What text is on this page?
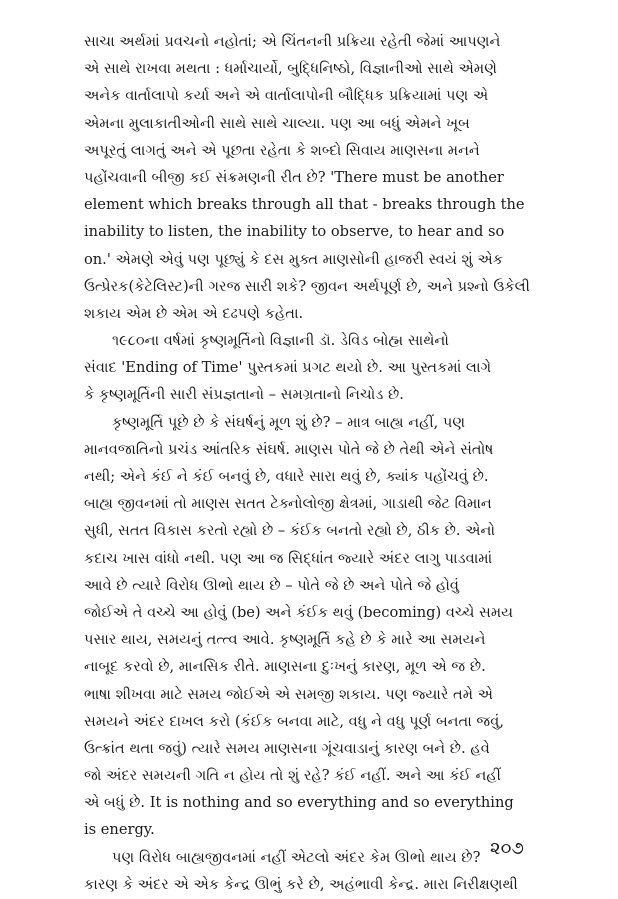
સાચા અર્થમાં પ્રવચનો નહોતાં; એ ચિંતનની પ્રક્રિયા રહેતી જેમાં આપણને
એ સાથે રાખવા મથતા : ધર્માચાર્યો, બુદ્ધિનિષ્ઠો, વિજ્ઞાનીઓ સાથે એમણે
અનેક વાર્તાલાપો કર્યા અને એ વાર્તાલાપોની બૌદ્ધિક પ્રક્રિયામાં પણ એ
એમના મુલાકાતીઓની સાથે સાથે ચાલ્યા. પણ આ બધું એમને ખૂબ
અપૂરતું લાગતું અને એ પૂછતા રહેતા કે શબ્દો સિવાય માણસના મનને
પહોંચવાની બીજી કઈ સંક્રમણની રીત છે? 'There must be another
element which breaks through all that - breaks through the
inability to listen, the inability to observe, to hear and so
on.' એમણે એવું પણ પૂછ્યું કે દસ મુક્ત માણસોની હાજરી સ્વયં શું એક
ઉત્પ્રેરક(કેટેલિસ્ટ)ની ગરજ સારી શકે? જીવન અર્થપૂર્ણ છે, અને પ્રશ્નો ઉકેલી
શકાય એમ છે એમ એ દઢપણે કહેતા.
૧૯૮૦ના વર્ષમાં કૃષ્ણમૂર્તિનો વિજ્ઞાની ડૉ. ડેવિડ બોહ્મ સાથેનો
સંવાદ 'Ending of Time' પુસ્તકમાં પ્રગટ થયો છે. આ પુસ્તકમાં લાગે
કે કૃષ્ણમૂર્તિની સારી સંપ્રજ્ઞતાનો – સમગ્રતાનો નિચોડ છે.
કૃષ્ણમૂર્તિ પૂછે છે કે સંઘર્ષનું મૂળ શું છે? – માત્ર બાહ્ય નહીં, પણ
માનવજાતિનો પ્રચંડ આંતરિક સંઘર્ષ. માણસ પોતે જે છે તેથી એને સંતોષ
નથી; એને કંઈ ને કંઈ બનવું છે, વધારે સારા થવું છે, ક્યાંક પહોંચવું છે.
બાહ્ય જીવનમાં તો માણસ સતત ટેક્નોલોજી ક્ષેત્રમાં, ગાડાથી જેટ વિમાન
સુધી, સતત વિકાસ કરતો રહ્યો છે – કંઈક બનતો રહ્યો છે, ઠીક છે. એનો
કદાચ ખાસ વાંધો નથી. પણ આ જ સિદ્ધાંત જ્યારે અંદર લાગુ પાડવામાં
આવે છે ત્યારે વિરોધ ઊભો થાય છે – પોતે જે છે અને પોતે જે હોવું
જોઈએ તે વચ્ચે આ હોવું (be) અને કંઈક થવું (becoming) વચ્ચે સમય
પસાર થાય, સમયનું તત્ત્વ આવે. કૃષ્ણમૂર્તિ કહે છે કે મારે આ સમયને
નાબૂદ કરવો છે, માનસિક રીતે. માણસના દુઃખનું કારણ, મૂળ એ જ છે.
ભાષા શીખવા માટે સમય જોઈએ એ સમજી શકાય. પણ જ્યારે તમે એ
સમયને અંદર દાખલ કરો (કંઈક બનવા માટે, વધુ ને વધુ પૂર્ણ બનતા જવું,
ઉત્ક્રાંત થતા જવું) ત્યારે સમય માણસના ગૂંચવાડાનું કારણ બને છે. હવે
જો અંદર સમયની ગતિ ન હોય તો શું રહે? કંઈ નહીં. અને આ કંઈ નહીં
એ બધું છે. It is nothing and so everything and so everything
is energy.
પણ વિરોધ બાહ્યજીવનમાં નહીં એટલો અંદર કેમ ઊભો થાય છે?
કારણ કે અંદર એ એક કેન્દ્ર ઊભું કરે છે, અહંભાવી કેન્દ્ર. મારા નિરીક્ષણથી
૨૦૭
